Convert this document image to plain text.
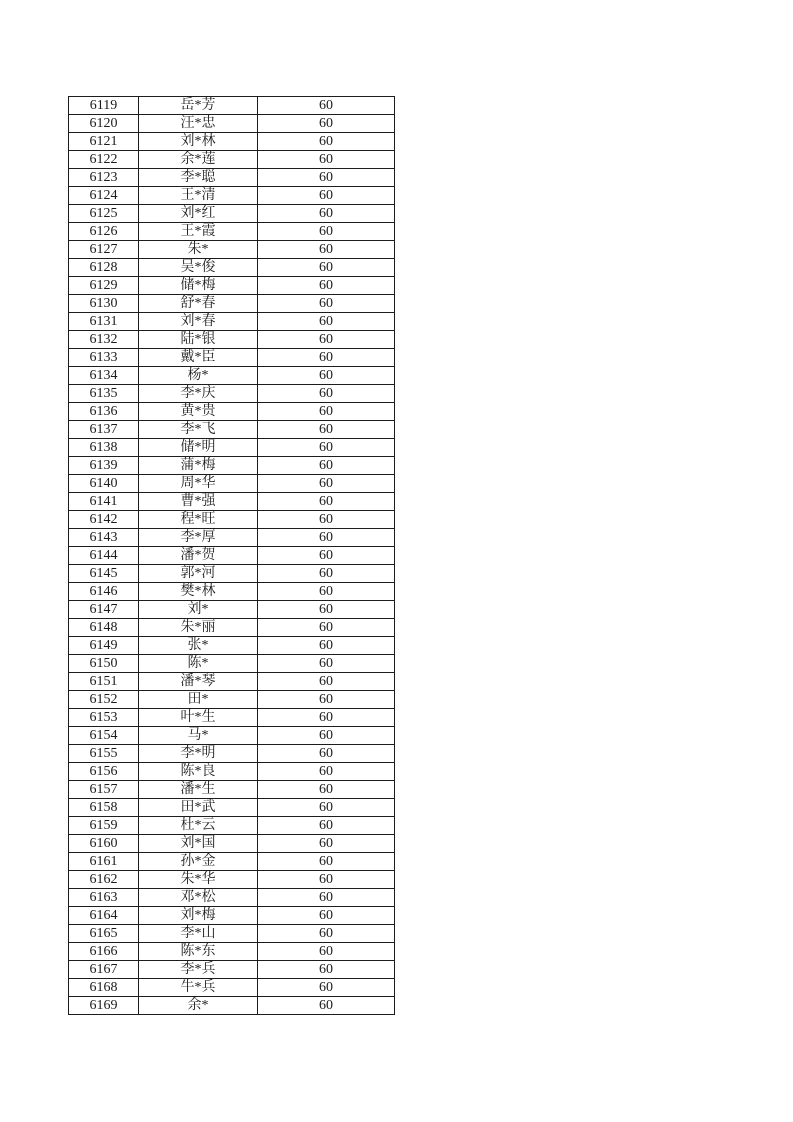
6119	岳*芳	60
6120	汪*忠	60
6121	刘*林	60
6122	余*莲	60
6123	李*聪	60
6124	王*清	60
6125	刘*红	60
6126	王*霞	60
6127	朱*	60
6128	吴*俊	60
6129	储*梅	60
6130	舒*春	60
6131	刘*春	60
6132	陆*银	60
6133	戴*臣	60
6134	杨*	60
6135	李*庆	60
6136	黄*贵	60
6137	李*飞	60
6138	储*明	60
6139	蒲*梅	60
6140	周*华	60
6141	曹*强	60
6142	程*旺	60
6143	李*厚	60
6144	潘*贺	60
6145	郭*河	60
6146	樊*林	60
6147	刘*	60
6148	朱*丽	60
6149	张*	60
6150	陈*	60
6151	潘*琴	60
6152	田*	60
6153	叶*生	60
6154	马*	60
6155	李*明	60
6156	陈*良	60
6157	潘*生	60
6158	田*武	60
6159	杜*云	60
6160	刘*国	60
6161	孙*金	60
6162	朱*华	60
6163	邓*松	60
6164	刘*梅	60
6165	李*山	60
6166	陈*东	60
6167	李*兵	60
6168	牛*兵	60
6169	余*	60
